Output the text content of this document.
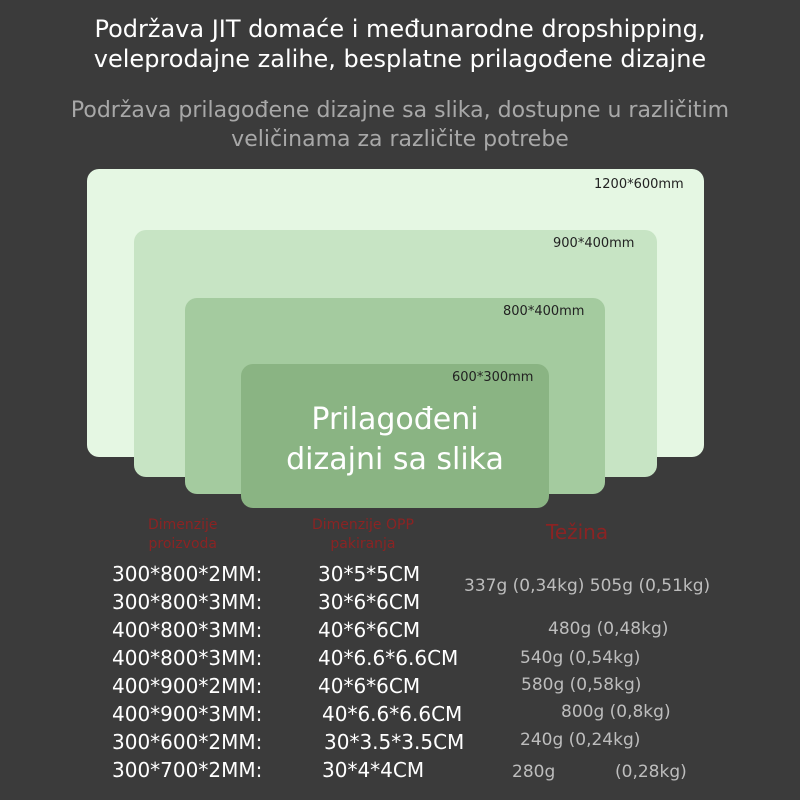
Podržava JIT domaće i međunarodne dropshipping,
veleprodajne zalihe, besplatne prilagođene dizajne
Podržava prilagođene dizajne sa slika, dostupne u različitim
veličinama za različite potrebe
1200*600mm
900*400mm
800*400mm
600*300mm
Prilagođeni
dizajni sa slika
Dimenzije
proizvoda
Dimenzije OPP
pakiranja	Težina
300*800*2MM:
300*800*3MM:
400*800*3MM:
400*800*3MM:
400*900*2MM:
400*900*3MM:
300*600*2MM:
300*700*2MM:
30*5*5CM
30*6*6CM
40*6*6CM
40*6.6*6.6CM
40*6*6CM
40*6.6*6.6CM
30*3.5*3.5CM
30*4*4CM
337g (0,34kg) 505g (0,51kg)
480g (0,48kg)
540g (0,54kg)
580g (0,58kg)
800g (0,8kg)
240g (0,24kg)
280g	(0,28kg)
